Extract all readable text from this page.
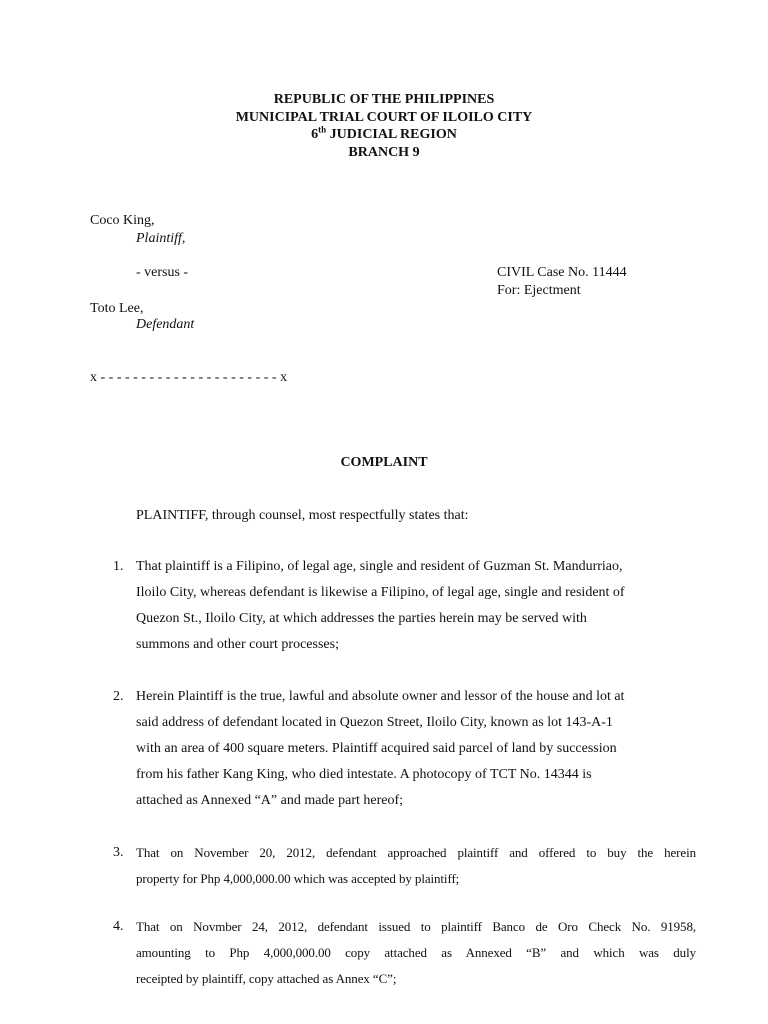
REPUBLIC OF THE PHILIPPINES
MUNICIPAL TRIAL COURT OF ILOILO CITY
6th JUDICIAL REGION
BRANCH 9
Coco King,
Plaintiff,
- versus -	CIVIL Case No. 11444
For: Ejectment
Toto Lee,
Defendant
x - - - - - - - - - - - - - - - - - - - - - - x
COMPLAINT
PLAINTIFF, through counsel, most respectfully states that:
1. That plaintiff is a Filipino, of legal age, single and resident of Guzman St. Mandurriao,
Iloilo City, whereas defendant is likewise a Filipino, of legal age, single and resident of
Quezon St., Iloilo City, at which addresses the parties herein may be served with
summons and other court processes;
2. Herein Plaintiff is the true, lawful and absolute owner and lessor of the house and lot at
said address of defendant located in Quezon Street, Iloilo City, known as lot 143-A-1
with an area of 400 square meters. Plaintiff acquired said parcel of land by succession
from his father Kang King, who died intestate. A photocopy of TCT No. 14344 is
attached as Annexed “A” and made part hereof;
3. That on November 20, 2012, defendant approached plaintiff and offered to buy the herein
property for Php 4,000,000.00 which was accepted by plaintiff;
4. That on Novmber 24, 2012, defendant issued to plaintiff Banco de Oro Check No. 91958,
amounting to Php 4,000,000.00 copy attached as Annexed “B” and which was duly
receipted by plaintiff, copy attached as Annex “C”;
